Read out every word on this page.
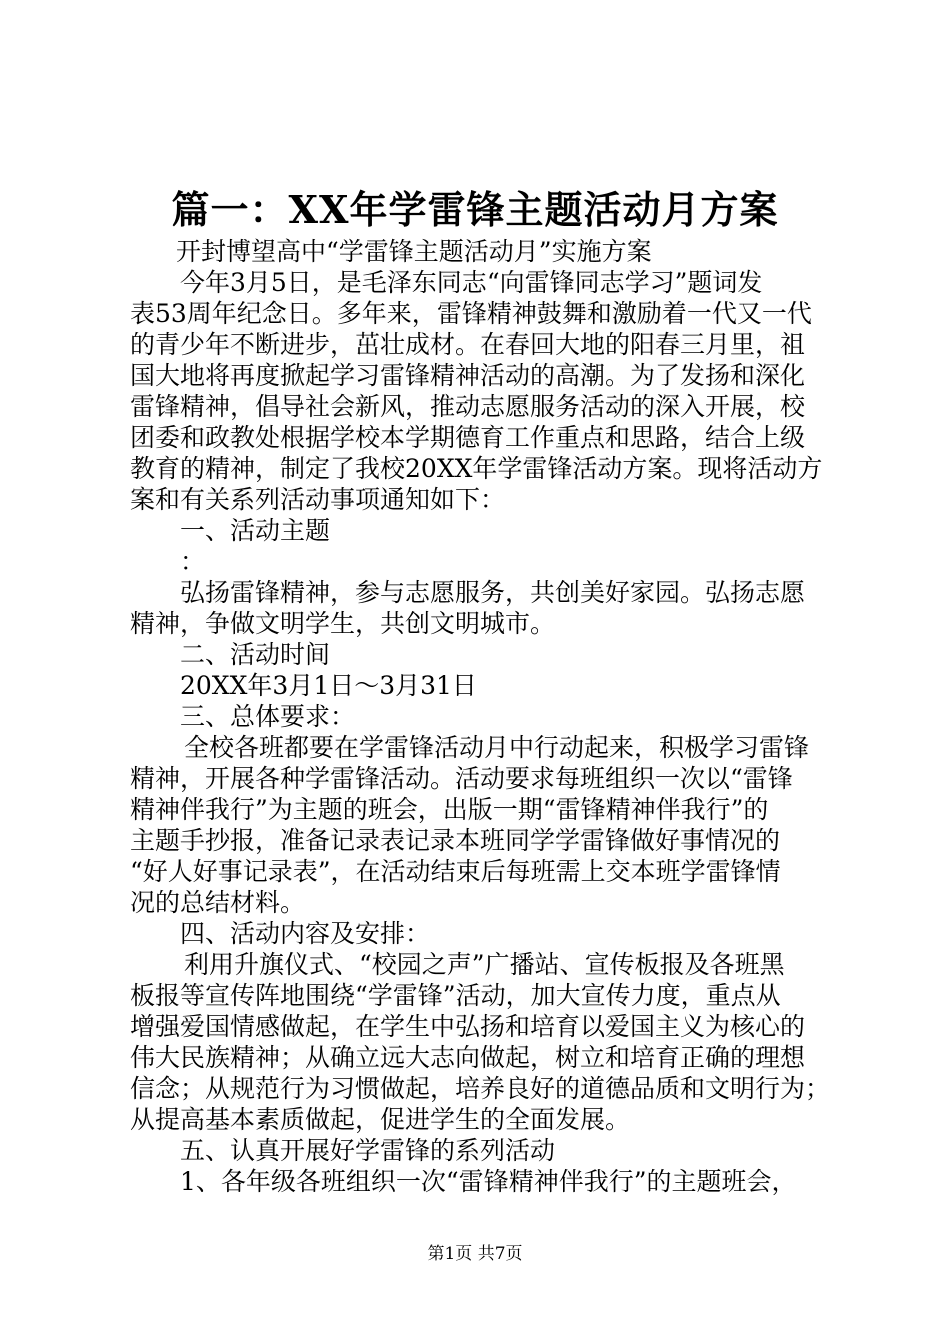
篇一：XX年学雷锋主题活动月方案
开封博望高中“学雷锋主题活动月”实施方案
今年3月5日，是毛泽东同志“向雷锋同志学习”题词发
表53周年纪念日。多年来，雷锋精神鼓舞和激励着一代又一代
的青少年不断进步，茁壮成材。在春回大地的阳春三月里，祖
国大地将再度掀起学习雷锋精神活动的高潮。为了发扬和深化
雷锋精神，倡导社会新风，推动志愿服务活动的深入开展，校
团委和政教处根据学校本学期德育工作重点和思路，结合上级
教育的精神，制定了我校20XX年学雷锋活动方案。现将活动方
案和有关系列活动事项通知如下：
一、活动主题
：
弘扬雷锋精神，参与志愿服务，共创美好家园。弘扬志愿
精神，争做文明学生，共创文明城市。
二、活动时间
20XX年3月1日～3月31日
三、总体要求：
全校各班都要在学雷锋活动月中行动起来，积极学习雷锋
精神，开展各种学雷锋活动。活动要求每班组织一次以“雷锋
精神伴我行”为主题的班会，出版一期“雷锋精神伴我行”的
主题手抄报，准备记录表记录本班同学学雷锋做好事情况的
“好人好事记录表”，在活动结束后每班需上交本班学雷锋情
况的总结材料。
四、活动内容及安排：
利用升旗仪式、“校园之声”广播站、宣传板报及各班黑
板报等宣传阵地围绕“学雷锋”活动，加大宣传力度，重点从
增强爱国情感做起，在学生中弘扬和培育以爱国主义为核心的
伟大民族精神；从确立远大志向做起，树立和培育正确的理想
信念；从规范行为习惯做起，培养良好的道德品质和文明行为；
从提高基本素质做起，促进学生的全面发展。
五、认真开展好学雷锋的系列活动
1、各年级各班组织一次“雷锋精神伴我行”的主题班会，
第1页 共7页
